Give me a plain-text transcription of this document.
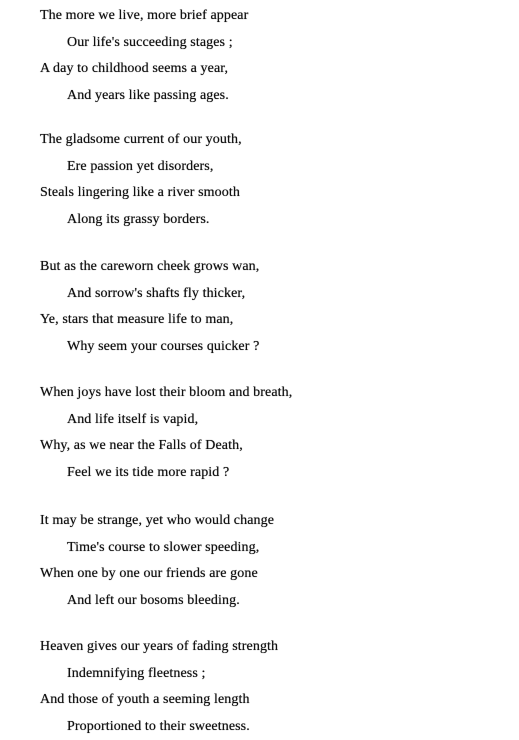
The more we live, more brief appear
Our life's succeeding stages ;
A day to childhood seems a year,
And years like passing ages.
The gladsome current of our youth,
Ere passion yet disorders,
Steals lingering like a river smooth
Along its grassy borders.
But as the careworn cheek grows wan,
And sorrow's shafts fly thicker,
Ye, stars that measure life to man,
Why seem your courses quicker ?
When joys have lost their bloom and breath,
And life itself is vapid,
Why, as we near the Falls of Death,
Feel we its tide more rapid ?
It may be strange, yet who would change
Time's course to slower speeding,
When one by one our friends are gone
And left our bosoms bleeding.
Heaven gives our years of fading strength
Indemnifying fleetness ;
And those of youth a seeming length
Proportioned to their sweetness.
